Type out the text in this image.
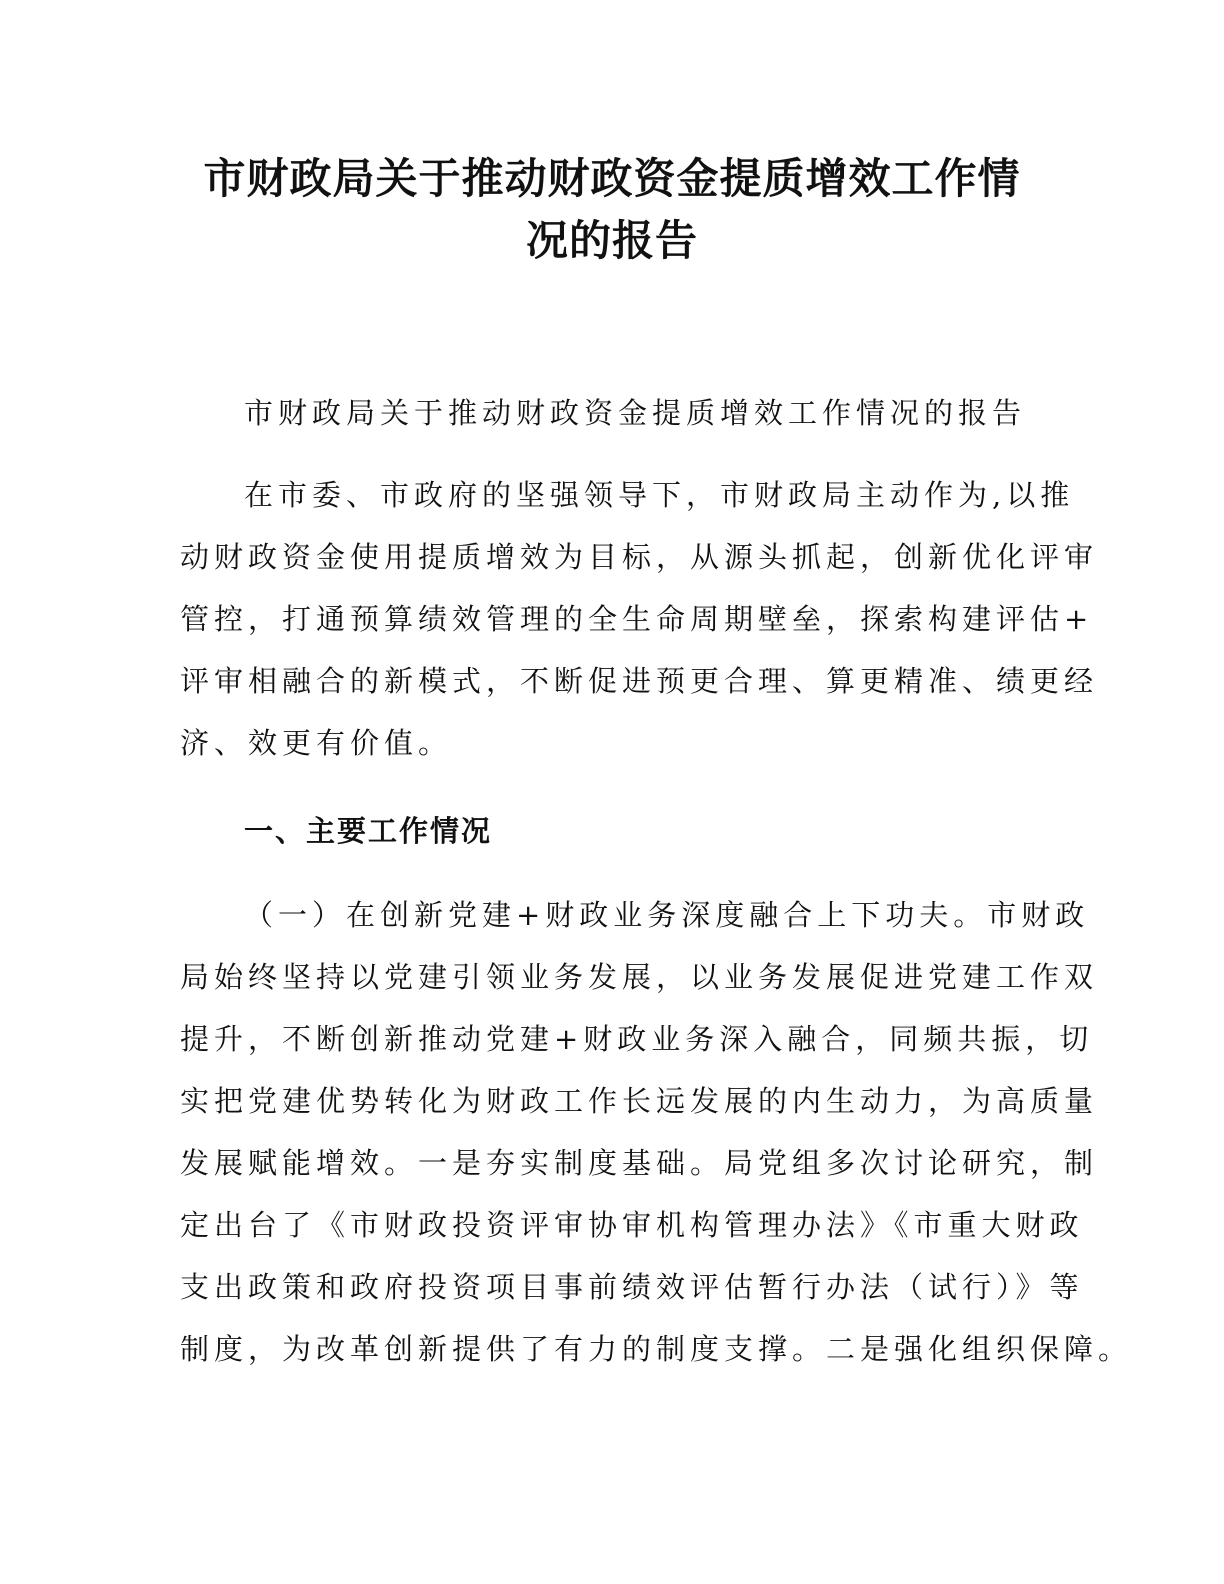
市财政局关于推动财政资金提质增效工作情
况的报告

市财政局关于推动财政资金提质增效工作情况的报告

在市委、市政府的坚强领导下，市财政局主动作为,以推
动财政资金使用提质增效为目标，从源头抓起，创新优化评审
管控，打通预算绩效管理的全生命周期壁垒，探索构建评估+
评审相融合的新模式，不断促进预更合理、算更精准、绩更经
济、效更有价值。
一、主要工作情况
（一）在创新党建+财政业务深度融合上下功夫。市财政
局始终坚持以党建引领业务发展，以业务发展促进党建工作双
提升，不断创新推动党建+财政业务深入融合，同频共振，切
实把党建优势转化为财政工作长远发展的内生动力，为高质量
发展赋能增效。一是夯实制度基础。局党组多次讨论研究，制
定出台了《市财政投资评审协审机构管理办法》《市重大财政
支出政策和政府投资项目事前绩效评估暂行办法（试行）》等
制度，为改革创新提供了有力的制度支撑。二是强化组织保障。
